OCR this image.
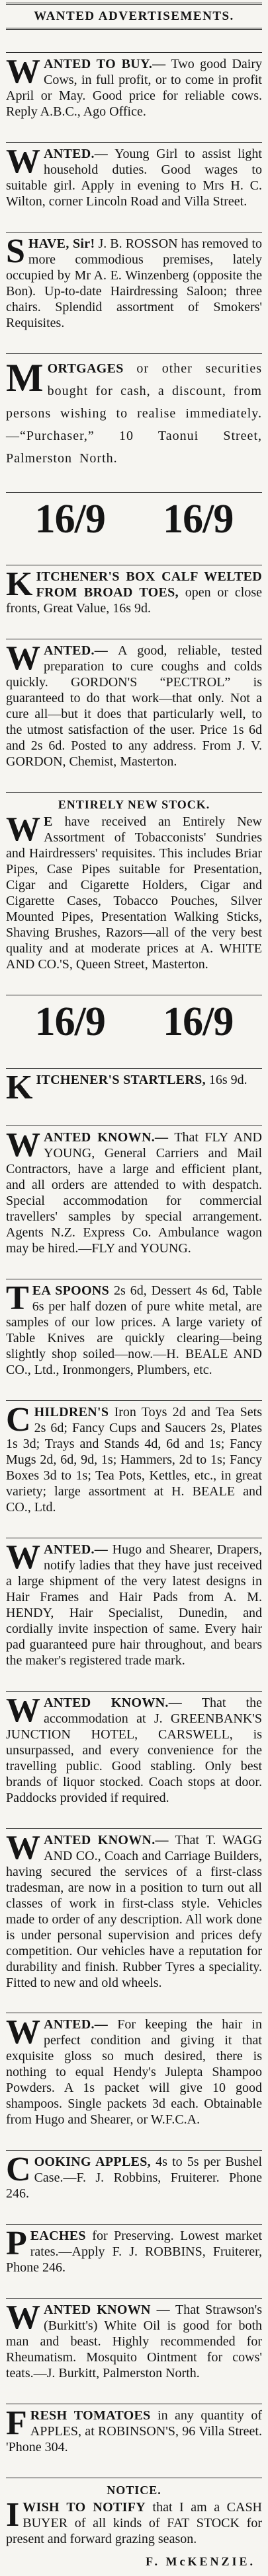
WANTED ADVERTISEMENTS.
WANTED TO BUY.— Two good Dairy Cows, in full profit, or to come in profit April or May. Good price for reliable cows. Reply A.B.C., Ago Office.
WANTED.— Young Girl to assist light household duties. Good wages to suitable girl. Apply in evening to Mrs H. C. Wilton, corner Lincoln Road and Villa Street.
SHAVE, Sir! J. B. ROSSON has removed to more commodious premises, lately occupied by Mr A. E. Winzenberg (opposite the Bon). Up-to-date Hairdressing Saloon; three chairs. Splendid assortment of Smokers' Requisites.
MORTGAGES or other securities bought for cash, a discount, from persons wishing to realise immediately.—“Purchaser,” 10 Taonui Street, Palmerston North.
16/9 16/9
KITCHENER'S BOX CALF WELTED FROM BROAD TOES, open or close fronts, Great Value, 16s 9d.
WANTED.— A good, reliable, tested preparation to cure coughs and colds quickly. GORDON'S “PECTROL” is guaranteed to do that work—that only. Not a cure all—but it does that particularly well, to the utmost satisfaction of the user. Price 1s 6d and 2s 6d. Posted to any address. From J. V. GORDON, Chemist, Masterton.
ENTIRELY NEW STOCK.
W E have received an Entirely New Assortment of Tobacconists' Sundries and Hairdressers' requisites. This includes Briar Pipes, Case Pipes suitable for Presentation, Cigar and Cigarette Holders, Cigar and Cigarette Cases, Tobacco Pouches, Silver Mounted Pipes, Presentation Walking Sticks, Shaving Brushes, Razors—all of the very best quality and at moderate prices at A. WHITE AND CO.'S, Queen Street, Masterton.
16/9 16/9
KITCHENER'S STARTLERS, 16s 9d.
WANTED KNOWN.— That FLY AND YOUNG, General Carriers and Mail Contractors, have a large and efficient plant, and all orders are attended to with despatch. Special accommodation for commercial travellers' samples by special arrangement. Agents N.Z. Express Co. Ambulance wagon may be hired.—FLY and YOUNG.
TEA SPOONS 2s 6d, Dessert 4s 6d, Table 6s per half dozen of pure white metal, are samples of our low prices. A large variety of Table Knives are quickly clearing—being slightly shop soiled—now.—H. BEALE AND CO., Ltd., Ironmongers, Plumbers, etc.
CHILDREN'S Iron Toys 2d and Tea Sets 2s 6d; Fancy Cups and Saucers 2s, Plates 1s 3d; Trays and Stands 4d, 6d and 1s; Fancy Mugs 2d, 6d, 9d, 1s; Hammers, 2d to 1s; Fancy Boxes 3d to 1s; Tea Pots, Kettles, etc., in great variety; large assortment at H. BEALE and CO., Ltd.
WANTED.— Hugo and Shearer, Drapers, notify ladies that they have just received a large shipment of the very latest designs in Hair Frames and Hair Pads from A. M. HENDY, Hair Specialist, Dunedin, and cordially invite inspection of same. Every hair pad guaranteed pure hair throughout, and bears the maker's registered trade mark.
WANTED KNOWN.— That the accommodation at J. GREENBANK'S JUNCTION HOTEL, CARSWELL, is unsurpassed, and every convenience for the travelling public. Good stabling. Only best brands of liquor stocked. Coach stops at door. Paddocks provided if required.
WANTED KNOWN.— That T. WAGG AND CO., Coach and Carriage Builders, having secured the services of a first-class tradesman, are now in a position to turn out all classes of work in first-class style. Vehicles made to order of any description. All work done is under personal supervision and prices defy competition. Our vehicles have a reputation for durability and finish. Rubber Tyres a speciality. Fitted to new and old wheels.
WANTED.— For keeping the hair in perfect condition and giving it that exquisite gloss so much desired, there is nothing to equal Hendy's Julepta Shampoo Powders. A 1s packet will give 10 good shampoos. Single packets 3d each. Obtainable from Hugo and Shearer, or W.F.C.A.
COOKING APPLES, 4s to 5s per Bushel Case.—F. J. Robbins, Fruiterer. Phone 246.
PEACHES for Preserving. Lowest market rates.—Apply F. J. ROBBINS, Fruiterer, Phone 246.
WANTED KNOWN — That Strawson's (Burkitt's) White Oil is good for both man and beast. Highly recommended for Rheumatism. Mosquito Ointment for cows' teats.—J. Burkitt, Palmerston North.
FRESH TOMATOES in any quantity of APPLES, at ROBINSON'S, 96 Villa Street. 'Phone 304.
NOTICE.
IWISH TO NOTIFY that I am a CASH BUYER of all kinds of FAT STOCK for present and forward grazing season.
F. McKENZIE.
